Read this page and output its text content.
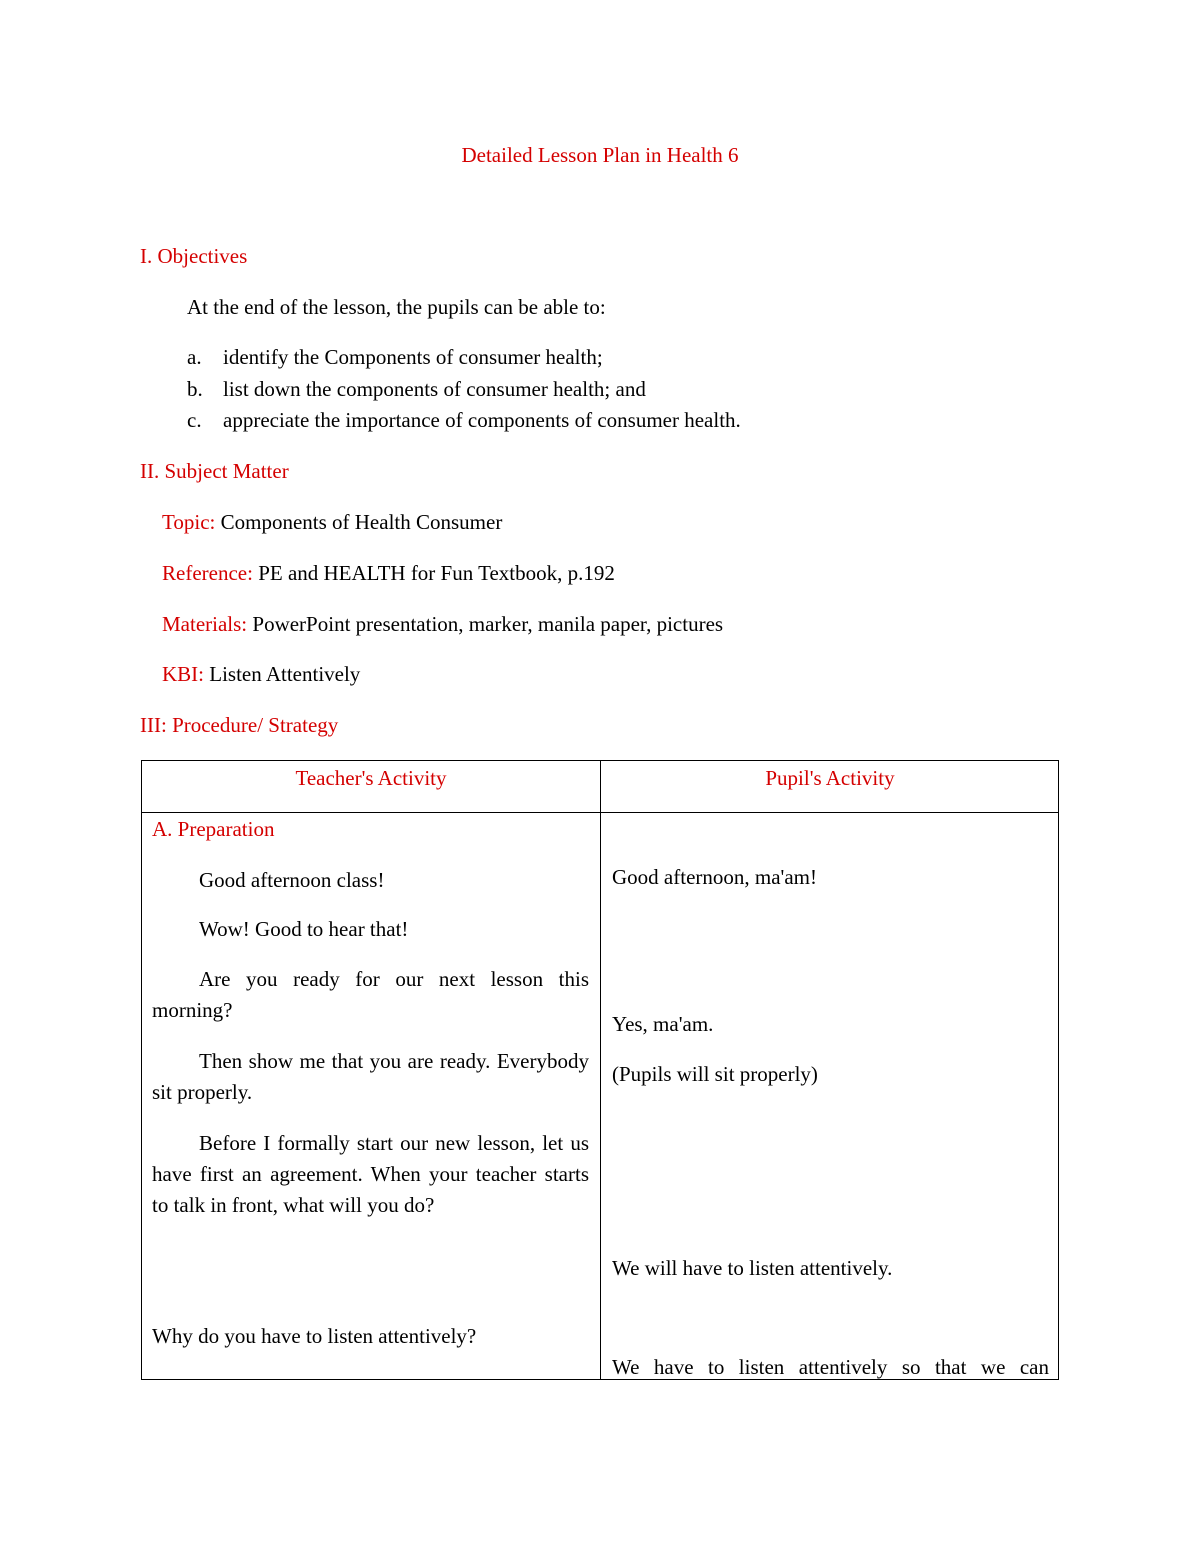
Detailed Lesson Plan in Health 6
I. Objectives
At the end of the lesson, the pupils can be able to:
a. identify the Components of consumer health;
b. list down the components of consumer health; and
c. appreciate the importance of components of consumer health.
II. Subject Matter
Topic: Components of Health Consumer
Reference: PE and HEALTH for Fun Textbook, p.192
Materials: PowerPoint presentation, marker, manila paper, pictures
KBI: Listen Attentively
III: Procedure/ Strategy
Teacher's Activity	Pupil's Activity
A. Preparation
Good afternoon class!
Wow! Good to hear that!
Are you ready for our next lesson this morning?
Then show me that you are ready. Everybody sit properly.
Before I formally start our new lesson, let us have first an agreement. When your teacher starts to talk in front, what will you do?
Why do you have to listen attentively?
Good afternoon, ma'am!
Yes, ma'am.
(Pupils will sit properly)
We will have to listen attentively.
We have to listen attentively so that we can
